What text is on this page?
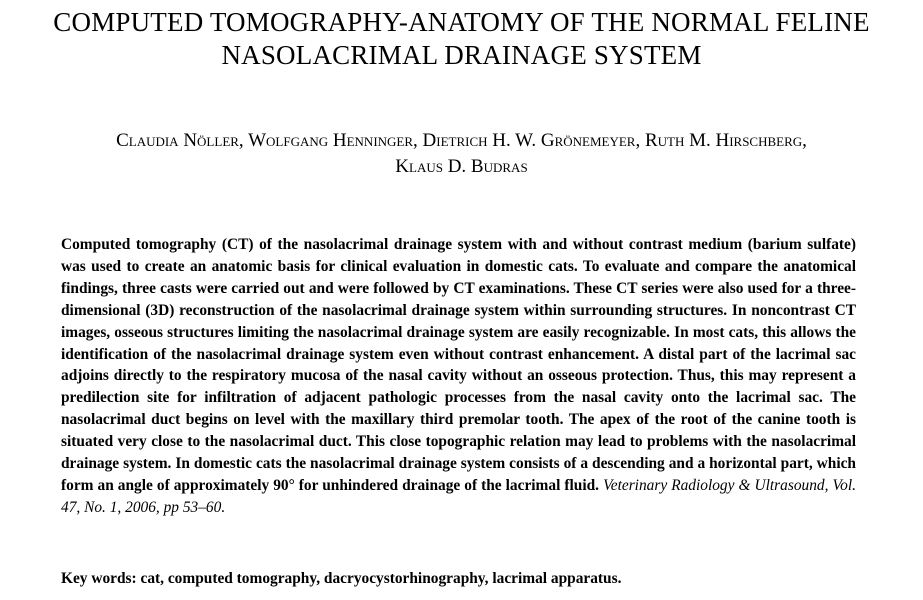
COMPUTED TOMOGRAPHY-ANATOMY OF THE NORMAL FELINE
NASOLACRIMAL DRAINAGE SYSTEM

Claudia Nöller, Wolfgang Henninger, Dietrich H. W. Grönemeyer, Ruth M. Hirschberg,
Klaus D. Budras

Computed tomography (CT) of the nasolacrimal drainage system with and without contrast medium (barium sulfate) was used to create an anatomic basis for clinical evaluation in domestic cats. To evaluate and compare the anatomical findings, three casts were carried out and were followed by CT examinations. These CT series were also used for a three-dimensional (3D) reconstruction of the nasolacrimal drainage system within surrounding structures. In noncontrast CT images, osseous structures limiting the nasolacrimal drainage system are easily recognizable. In most cats, this allows the identification of the nasolacrimal drainage system even without contrast enhancement. A distal part of the lacrimal sac adjoins directly to the respiratory mucosa of the nasal cavity without an osseous protection. Thus, this may represent a predilection site for infiltration of adjacent pathologic processes from the nasal cavity onto the lacrimal sac. The nasolacrimal duct begins on level with the maxillary third premolar tooth. The apex of the root of the canine tooth is situated very close to the nasolacrimal duct. This close topographic relation may lead to problems with the nasolacrimal drainage system. In domestic cats the nasolacrimal drainage system consists of a descending and a horizontal part, which form an angle of approximately 90° for unhindered drainage of the lacrimal fluid. Veterinary Radiology & Ultrasound, Vol. 47, No. 1, 2006, pp 53–60.

Key words: cat, computed tomography, dacryocystorhinography, lacrimal apparatus.
